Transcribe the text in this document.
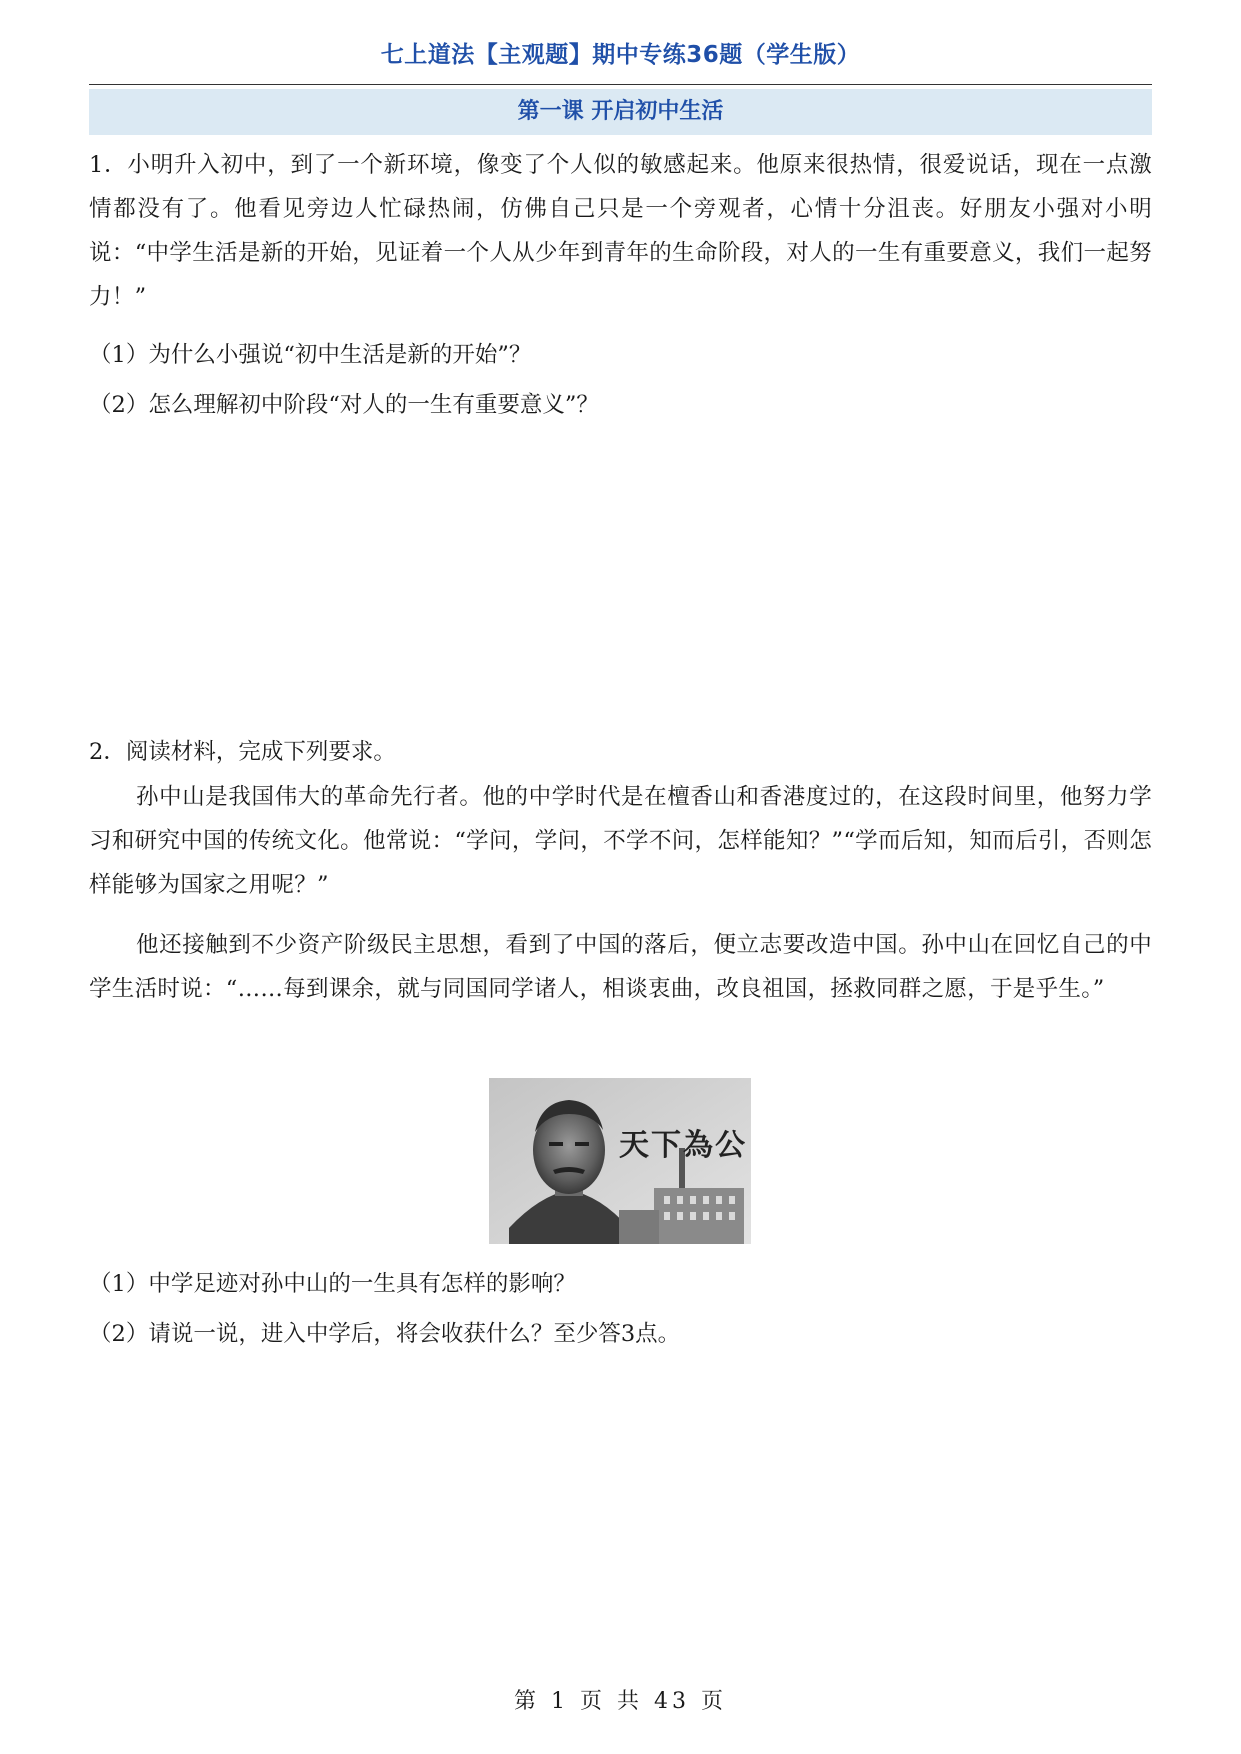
七上道法【主观题】期中专练36题（学生版）
第一课 开启初中生活
1．小明升入初中，到了一个新环境，像变了个人似的敏感起来。他原来很热情，很爱说话，现在一点激情都没有了。他看见旁边人忙碌热闹，仿佛自己只是一个旁观者，心情十分沮丧。好朋友小强对小明说：“中学生活是新的开始，见证着一个人从少年到青年的生命阶段，对人的一生有重要意义，我们一起努力！”
（1）为什么小强说“初中生活是新的开始”？
（2）怎么理解初中阶段“对人的一生有重要意义”？
2．阅读材料，完成下列要求。
孙中山是我国伟大的革命先行者。他的中学时代是在檀香山和香港度过的，在这段时间里，他努力学习和研究中国的传统文化。他常说：“学问，学问，不学不问，怎样能知？”“学而后知，知而后引，否则怎样能够为国家之用呢？”
他还接触到不少资产阶级民主思想，看到了中国的落后，便立志要改造中国。孙中山在回忆自己的中学生活时说：“……每到课余，就与同国同学诸人，相谈衷曲，改良祖国，拯救同群之愿，于是乎生。”
天下為公
（1）中学足迹对孙中山的一生具有怎样的影响？
（2）请说一说，进入中学后，将会收获什么？至少答3点。
第 1 页 共 43 页
